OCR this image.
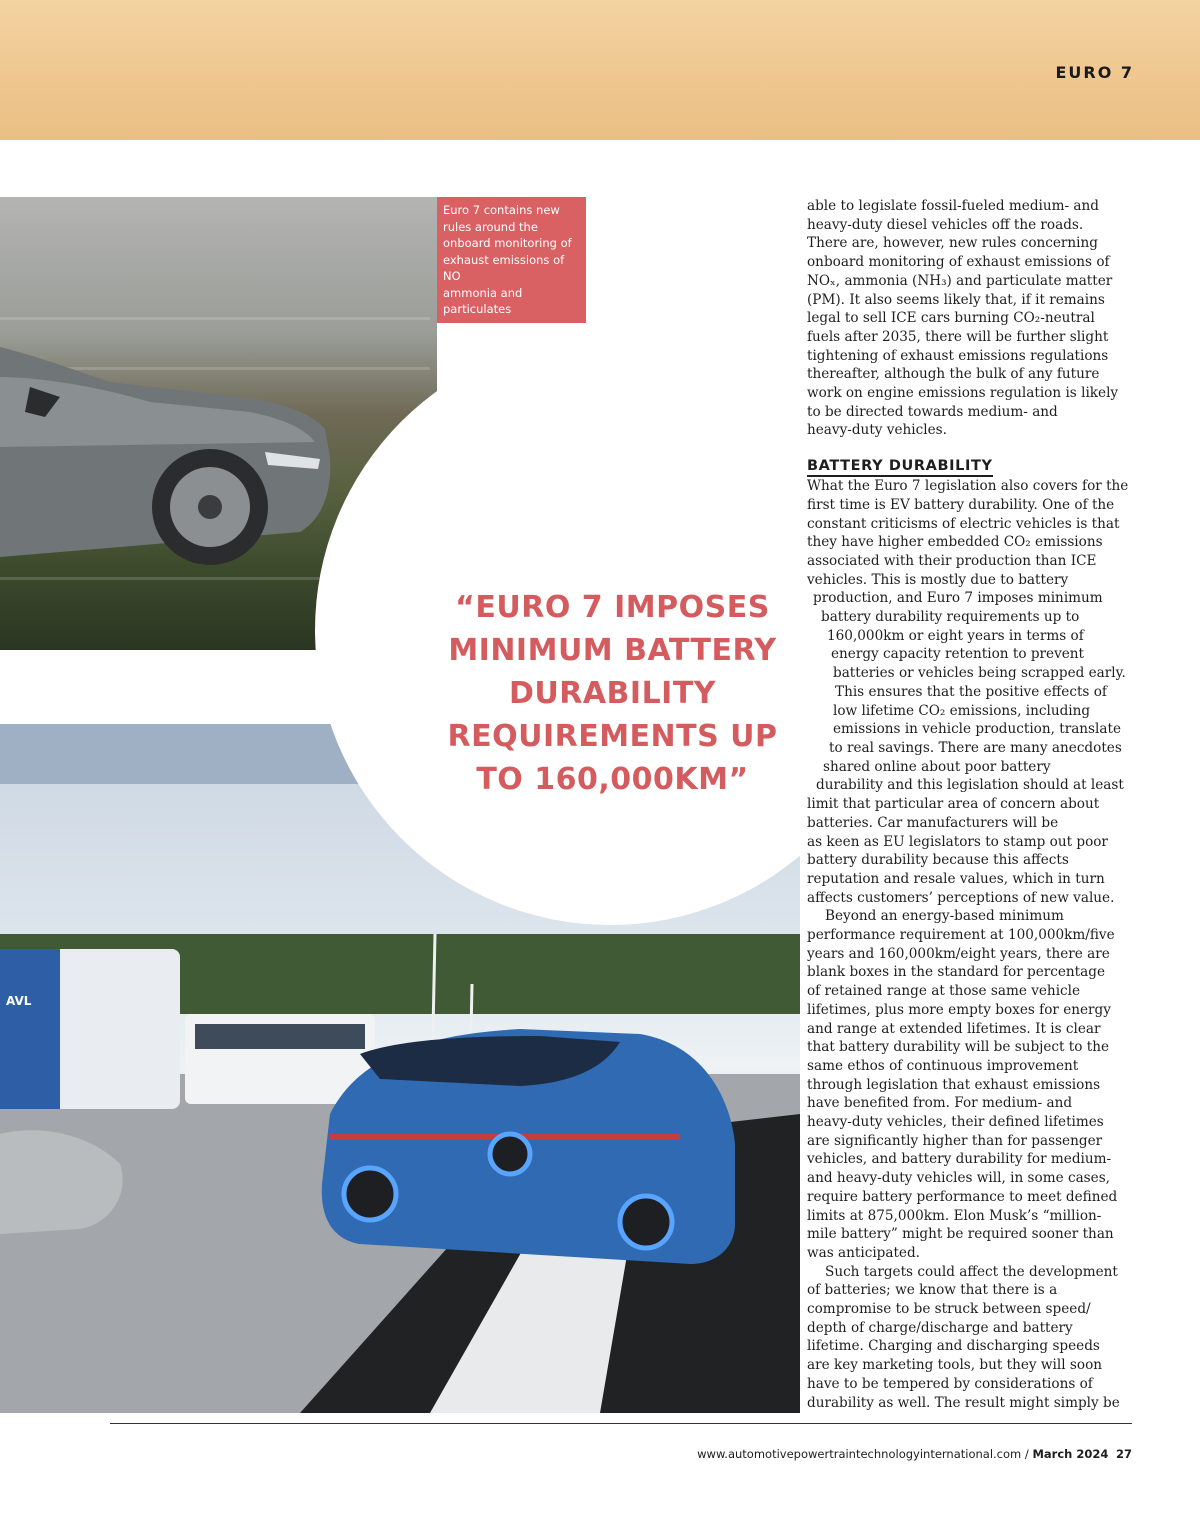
EURO 7
Euro 7 contains new
rules around the
onboard monitoring of
exhaust emissions of NO
ammonia and particulates
AVL
“EURO 7 IMPOSES
MINIMUM BATTERY
DURABILITY
REQUIREMENTS UP
TO 160,000KM”
able to legislate fossil-fueled medium- and
heavy-duty diesel vehicles off the roads.
There are, however, new rules concerning
onboard monitoring of exhaust emissions of
NOₓ, ammonia (NH₃) and particulate matter
(PM). It also seems likely that, if it remains
legal to sell ICE cars burning CO₂-neutral
fuels after 2035, there will be further slight
tightening of exhaust emissions regulations
thereafter, although the bulk of any future
work on engine emissions regulation is likely
to be directed towards medium- and
heavy-duty vehicles.
BATTERY DURABILITY
What the Euro 7 legislation also covers for the
first time is EV battery durability. One of the
constant criticisms of electric vehicles is that
they have higher embedded CO₂ emissions
associated with their production than ICE
vehicles. This is mostly due to battery
production, and Euro 7 imposes minimum
battery durability requirements up to
160,000km or eight years in terms of
energy capacity retention to prevent
batteries or vehicles being scrapped early.
This ensures that the positive effects of
low lifetime CO₂ emissions, including
emissions in vehicle production, translate
to real savings. There are many anecdotes
shared online about poor battery
durability and this legislation should at least
limit that particular area of concern about
batteries. Car manufacturers will be
as keen as EU legislators to stamp out poor
battery durability because this affects
reputation and resale values, which in turn
affects customers’ perceptions of new value.
Beyond an energy-based minimum
performance requirement at 100,000km/five
years and 160,000km/eight years, there are
blank boxes in the standard for percentage
of retained range at those same vehicle
lifetimes, plus more empty boxes for energy
and range at extended lifetimes. It is clear
that battery durability will be subject to the
same ethos of continuous improvement
through legislation that exhaust emissions
have benefited from. For medium- and
heavy-duty vehicles, their defined lifetimes
are significantly higher than for passenger
vehicles, and battery durability for medium-
and heavy-duty vehicles will, in some cases,
require battery performance to meet defined
limits at 875,000km. Elon Musk’s “million-
mile battery” might be required sooner than
was anticipated.
Such targets could affect the development
of batteries; we know that there is a
compromise to be struck between speed/
depth of charge/discharge and battery
lifetime. Charging and discharging speeds
are key marketing tools, but they will soon
have to be tempered by considerations of
durability as well. The result might simply be
www.automotivepowertraintechnologyinternational.com / March 2024 27
